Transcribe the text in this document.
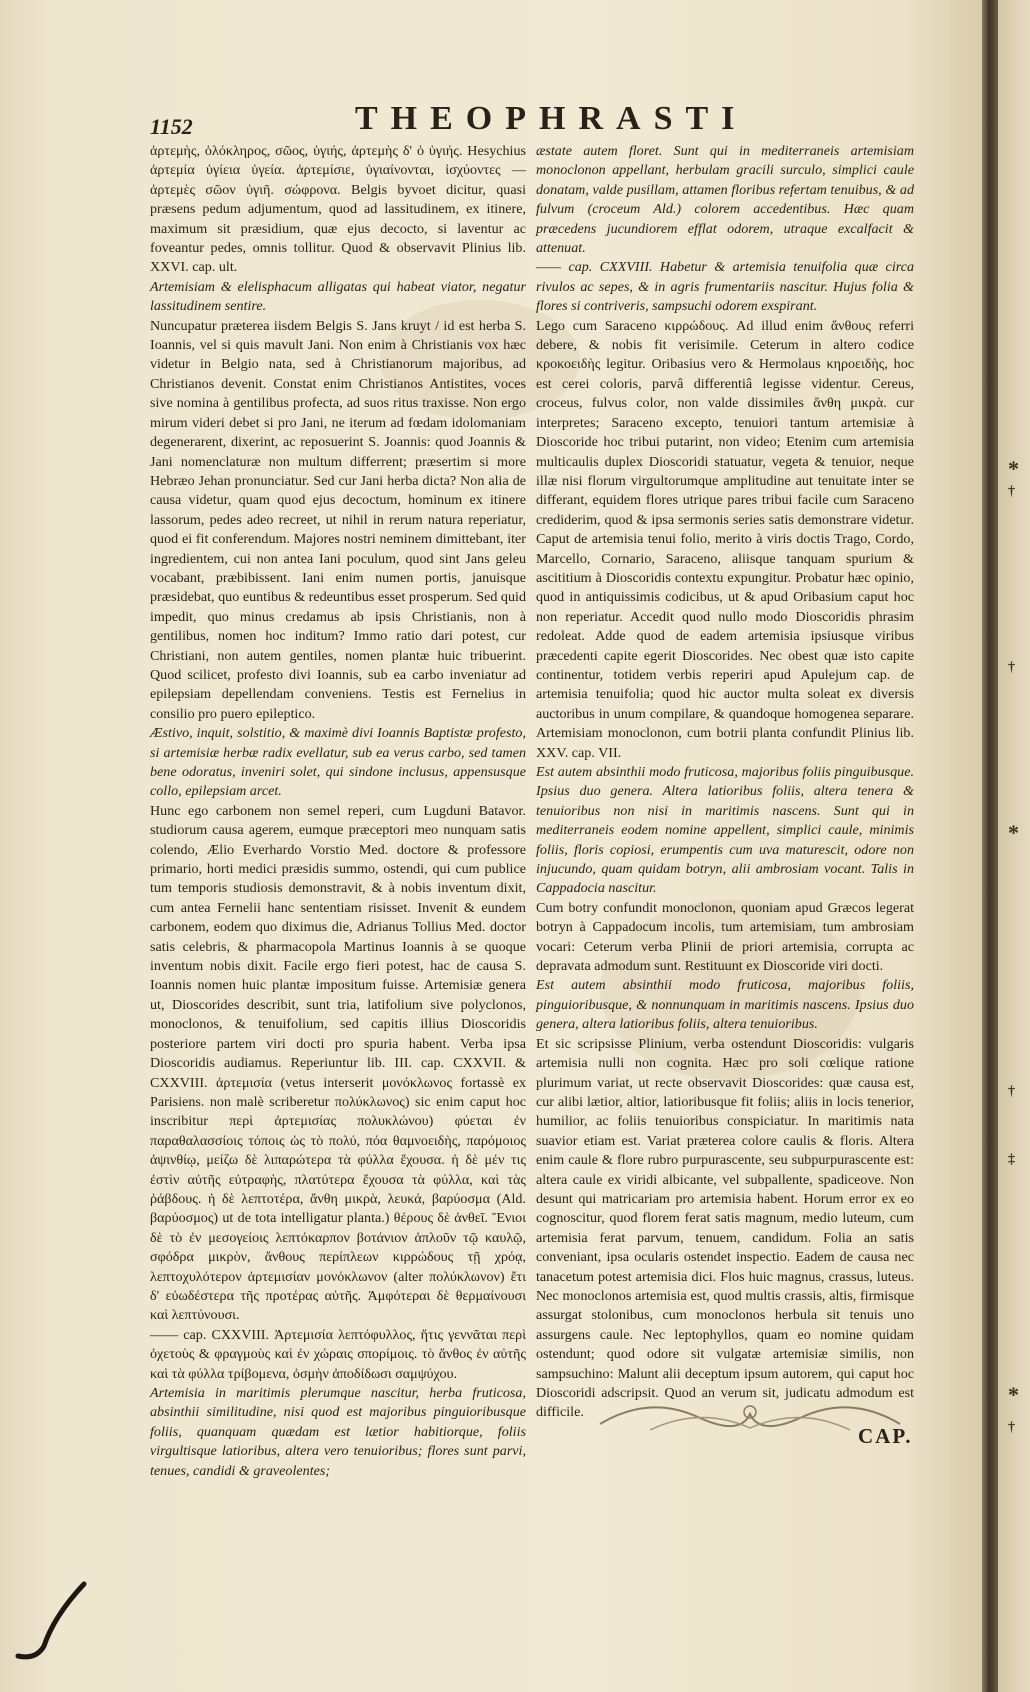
1152	THEOPHRASTI

ἀρτεμὴς, ὁλόκληρος, σῶος, ὑγιής, ἀρτεμὴς δ' ὁ ὑγιής. Hesychius ἀρτεμία ὑγίεια ὑγεία. ἀρτεμίσιε, ὑγιαίνονται, ἰσχύοντες — ἀρτεμὲς σῶον ὑγιῆ. σώφρονα. Belgis byvoet dicitur, quasi præsens pedum adjumentum, quod ad lassitudinem, ex itinere, maximum sit præsidium, quæ ejus decocto, si laventur ac foveantur pedes, omnis tollitur. Quod & observavit Plinius lib. XXVI. cap. ult.

Artemisiam & elelisphacum alligatas qui habeat viator, negatur lassitudinem sentire.

Nuncupatur præterea iisdem Belgis S. Jans kruyt / id est herba S. Ioannis, vel si quis mavult Jani. Non enim à Christianis vox hæc videtur in Belgio nata, sed à Christianorum majoribus, ad Christianos devenit. Constat enim Christianos Antistites, voces sive nomina à gentilibus profecta, ad suos ritus traxisse. Non ergo mirum videri debet si pro Jani, ne iterum ad fœdam idolomaniam degenerarent, dixerint, ac reposuerint S. Joannis: quod Joannis & Jani nomenclaturæ non multum differrent; præsertim si more Hebræo Jehan pronunciatur. Sed cur Jani herba dicta? Non alia de causa videtur, quam quod ejus decoctum, hominum ex itinere lassorum, pedes adeo recreet, ut nihil in rerum natura reperiatur, quod ei fit conferendum. Majores nostri neminem dimittebant, iter ingredientem, cui non antea Iani poculum, quod sint Jans geleu vocabant, præbibissent. Iani enim numen portis, januisque præsidebat, quo euntibus & redeuntibus esset prosperum. Sed quid impedit, quo minus credamus ab ipsis Christianis, non à gentilibus, nomen hoc inditum? Immo ratio dari potest, cur Christiani, non autem gentiles, nomen plantæ huic tribuerint. Quod scilicet, profesto divi Ioannis, sub ea carbo inveniatur ad epilepsiam depellendam conveniens. Testis est Fernelius in consilio pro puero epileptico.

Æstivo, inquit, solstitio, & maximè divi Ioannis Baptistæ profesto, si artemisiæ herbæ radix evellatur, sub ea verus carbo, sed tamen bene odoratus, inveniri solet, qui sindone inclusus, appensusque collo, epilepsiam arcet.

Hunc ego carbonem non semel reperi, cum Lugduni Batavor. studiorum causa agerem, eumque præceptori meo nunquam satis colendo, Ælio Everhardo Vorstio Med. doctore & professore primario, horti medici præsidis summo, ostendi, qui cum publice tum temporis studiosis demonstravit, & à nobis inventum dixit, cum antea Fernelii hanc sententiam risisset. Invenit & eundem carbonem, eodem quo diximus die, Adrianus Tollius Med. doctor satis celebris, & pharmacopola Martinus Ioannis à se quoque inventum nobis dixit. Facile ergo fieri potest, hac de causa S. Ioannis nomen huic plantæ impositum fuisse. Artemisiæ genera ut, Dioscorides describit, sunt tria, latifolium sive polyclonos, monoclonos, & tenuifolium, sed capitis illius Dioscoridis posteriore partem viri docti pro spuria habent. Verba ipsa Dioscoridis audiamus. Reperiuntur lib. III. cap. CXXVII. & CXXVIII. ἀρτεμισία (vetus interserit μονόκλωνος fortassè ex Parisiens. non malè scriberetur πολύκλωνος) sic enim caput hoc inscribitur περὶ ἀρτεμισίας πολυκλώνου) φύεται ἐν παραθαλασσίοις τόποις ὡς τὸ πολύ, πόα θαμνοειδὴς, παρόμοιος ἀψινθίῳ, μείζω δὲ λιπαρώτερα τὰ φύλλα ἔχουσα. ἡ δὲ μέν τις ἐστὶν αὐτῆς εὐτραφὴς, πλατύτερα ἔχουσα τὰ φύλλα, καὶ τὰς ῥάβδους. ἡ δὲ λεπτοτέρα, ἄνθη μικρὰ, λευκά, βαρύοσμα (Ald. βαρύοσμος) ut de tota intelligatur planta.) θέρους δὲ ἀνθεῖ. Ἔνιοι δὲ τὸ ἐν μεσογείοις λεπτόκαρπον βοτάνιον ἁπλοῦν τῷ καυλῷ, σφόδρα μικρὸν, ἄνθους περίπλεων κιρρώδους τῇ χρόᾳ, λεπτοχυλότερον ἀρτεμισίαν μονόκλωνον (alter πολύκλωνον) ἔτι δ' εὐωδέστερα τῆς προτέρας αὐτῆς. Ἀμφότεραι δὲ θερμαίνουσι καὶ λεπτύνουσι.

—— cap. CXXVIII. Ἀρτεμισία λεπτόφυλλος, ἥτις γεννᾶται περὶ ὀχετοὺς & φραγμοὺς καὶ ἐν χώραις σπορίμοις. τὸ ἄνθος ἐν αὐτῆς καὶ τὰ φύλλα τρίβομενα, ὀσμὴν ἀποδίδωσι σαμψύχου.

Artemisia in maritimis plerumque nascitur, herba fruticosa, absinthii similitudine, nisi quod est majoribus pinguioribusque foliis, quanquam quædam est lætior habitiorque, foliis virgultisque latioribus, altera vero tenuioribus; flores sunt parvi, tenues, candidi & graveolentes;

æstate autem floret. Sunt qui in mediterraneis artemisiam monoclonon appellant, herbulam gracili surculo, simplici caule donatam, valde pusillam, attamen floribus refertam tenuibus, & ad fulvum (croceum Ald.) colorem accedentibus. Hæc quam præcedens jucundiorem efflat odorem, utraque excalfacit & attenuat.

—— cap. CXXVIII. Habetur & artemisia tenuifolia quæ circa rivulos ac sepes, & in agris frumentariis nascitur. Hujus folia & flores si contriveris, sampsuchi odorem exspirant.

Lego cum Saraceno κιρρώδους. Ad illud enim ἄνθους referri debere, & nobis fit verisimile. Ceterum in altero codice κροκοειδὴς legitur. Oribasius vero & Hermolaus κηροειδὴς, hoc est cerei coloris, parvâ differentiâ legisse videntur. Cereus, croceus, fulvus color, non valde dissimiles ἄνθη μικρὰ. cur interpretes; Saraceno excepto, tenuiori tantum artemisiæ à Dioscoride hoc tribui putarint, non video; Etenim cum artemisia multicaulis duplex Dioscoridi statuatur, vegeta & tenuior, neque illæ nisi florum virgultorumque amplitudine aut tenuitate inter se differant, equidem flores utrique pares tribui facile cum Saraceno crediderim, quod & ipsa sermonis series satis demonstrare videtur. Caput de artemisia tenui folio, merito à viris doctis Trago, Cordo, Marcello, Cornario, Saraceno, aliisque tanquam spurium & ascititium à Dioscoridis contextu expungitur. Probatur hæc opinio, quod in antiquissimis codicibus, ut & apud Oribasium caput hoc non reperiatur. Accedit quod nullo modo Dioscoridis phrasim redoleat. Adde quod de eadem artemisia ipsiusque viribus præcedenti capite egerit Dioscorides. Nec obest quæ isto capite continentur, totidem verbis reperiri apud Apulejum cap. de artemisia tenuifolia; quod hic auctor multa soleat ex diversis auctoribus in unum compilare, & quandoque homogenea separare. Artemisiam monoclonon, cum botrii planta confundit Plinius lib. XXV. cap. VII.

Est autem absinthii modo fruticosa, majoribus foliis pinguibusque. Ipsius duo genera. Altera latioribus foliis, altera tenera & tenuioribus non nisi in maritimis nascens. Sunt qui in mediterraneis eodem nomine appellent, simplici caule, minimis foliis, floris copiosi, erumpentis cum uva maturescit, odore non injucundo, quam quidam botryn, alii ambrosiam vocant. Talis in Cappadocia nascitur.

Cum botry confundit monoclonon, quoniam apud Græcos legerat botryn à Cappadocum incolis, tum artemisiam, tum ambrosiam vocari: Ceterum verba Plinii de priori artemisia, corrupta ac depravata admodum sunt. Restituunt ex Dioscoride viri docti.

Est autem absinthii modo fruticosa, majoribus foliis, pinguioribusque, & nonnunquam in maritimis nascens. Ipsius duo genera, altera latioribus foliis, altera tenuioribus.

Et sic scripsisse Plinium, verba ostendunt Dioscoridis: vulgaris artemisia nulli non cognita. Hæc pro soli cœlique ratione plurimum variat, ut recte observavit Dioscorides: quæ causa est, cur alibi lætior, altior, latioribusque fit foliis; aliis in locis tenerior, humilior, ac foliis tenuioribus conspiciatur. In maritimis nata suavior etiam est. Variat præterea colore caulis & floris. Altera enim caule & flore rubro purpurascente, seu subpurpurascente est: altera caule ex viridi albicante, vel subpallente, spadiceove. Non desunt qui matricariam pro artemisia habent. Horum error ex eo cognoscitur, quod florem ferat satis magnum, medio luteum, cum artemisia ferat parvum, tenuem, candidum. Folia an satis conveniant, ipsa ocularis ostendet inspectio. Eadem de causa nec tanacetum potest artemisia dici. Flos huic magnus, crassus, luteus. Nec monoclonos artemisia est, quod multis crassis, altis, firmisque assurgat stolonibus, cum monoclonos herbula sit tenuis uno assurgens caule. Nec leptophyllos, quam eo nomine quidam ostendunt; quod odore sit vulgatæ artemisiæ similis, non sampsuchino: Malunt alii deceptum ipsum autorem, qui caput hoc Dioscoridi adscripsit. Quod an verum sit, judicatu admodum est difficile.

CAP.
*
†
†
*
†
‡
*
†
